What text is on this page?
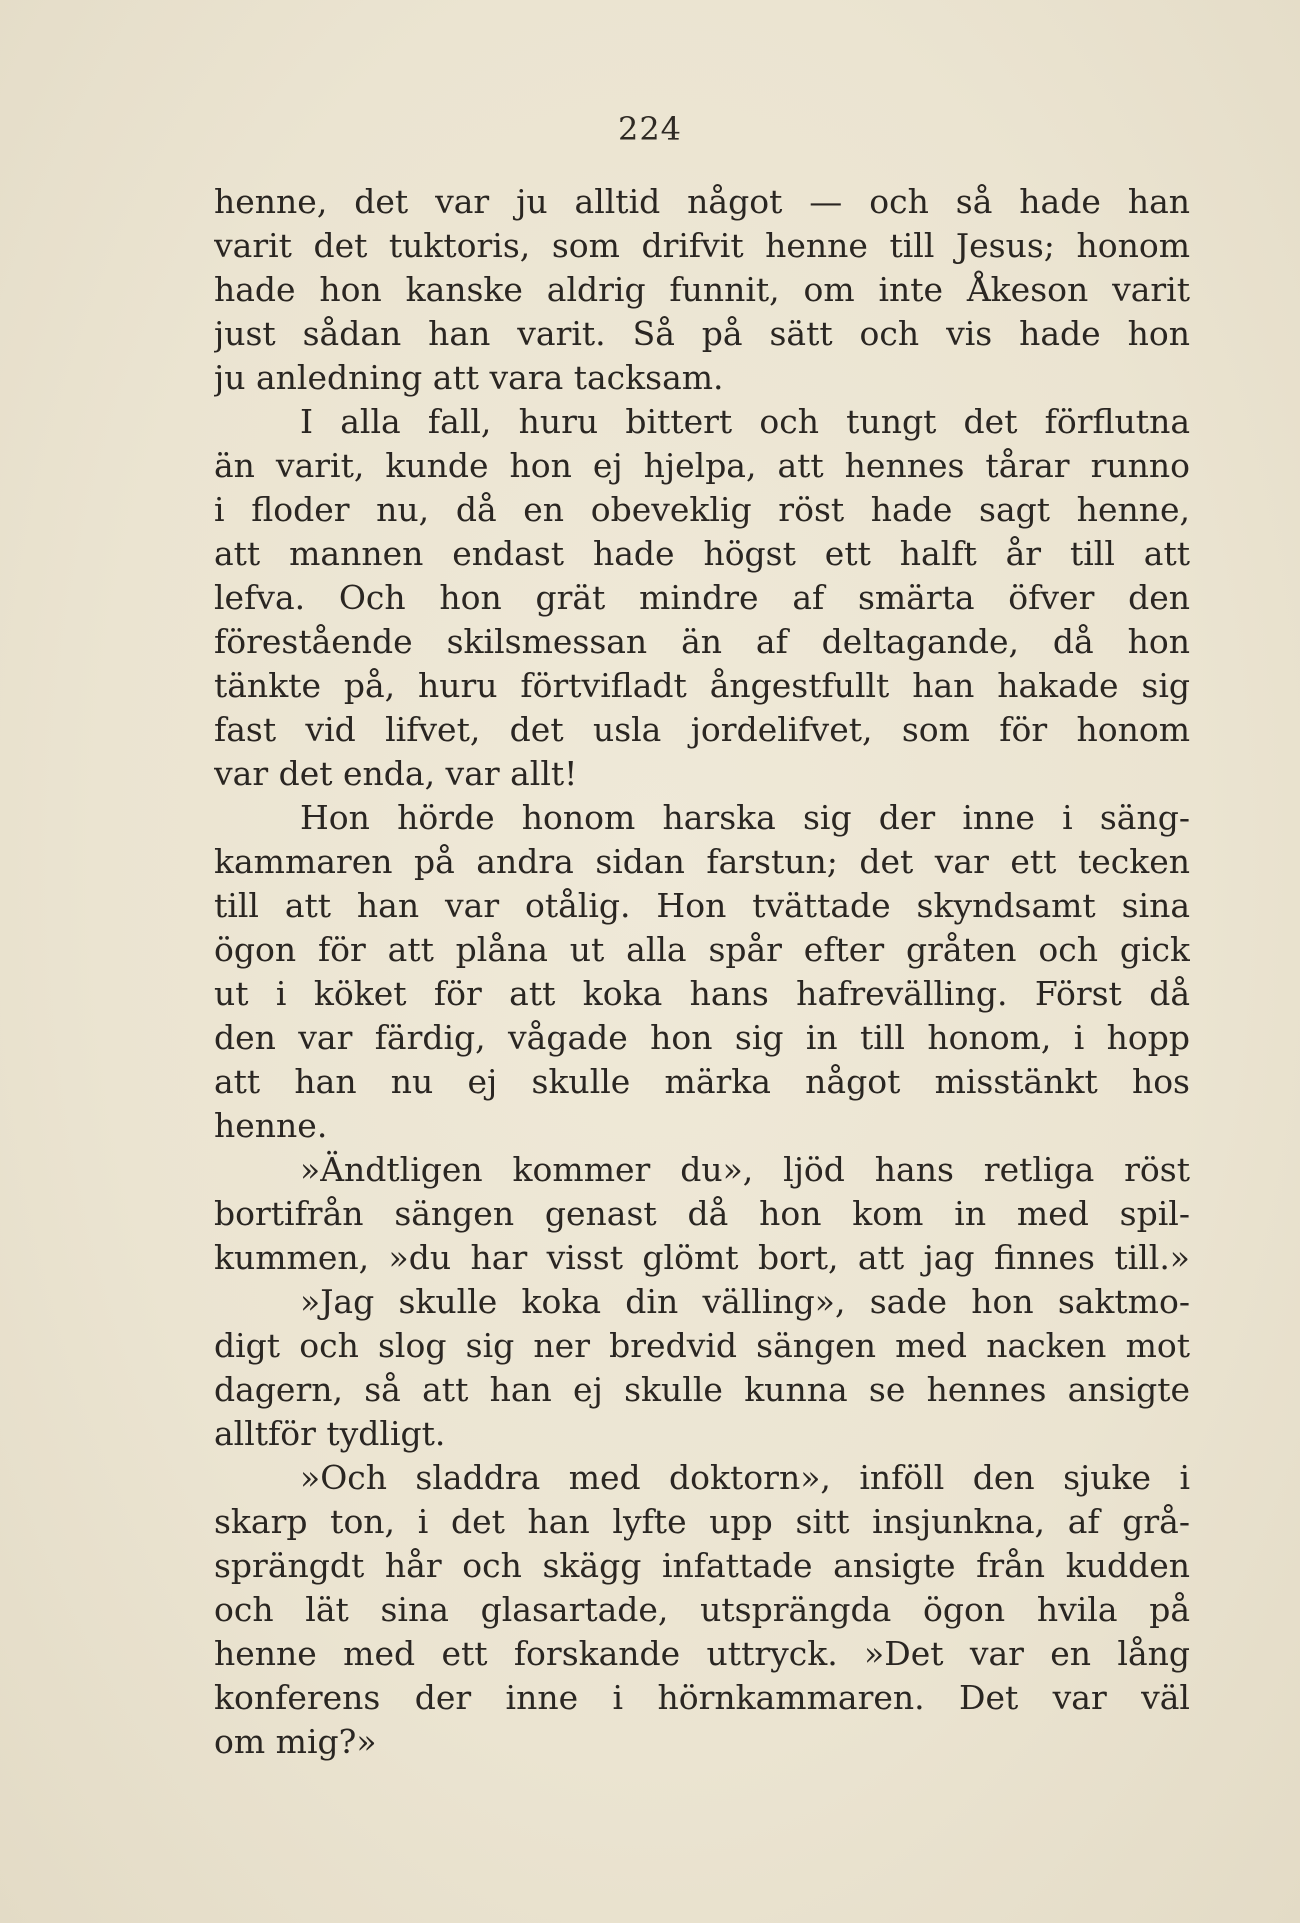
224
henne, det var ju alltid något — och så hade han
varit det tuktoris, som drifvit henne till Jesus; honom
hade hon kanske aldrig funnit, om inte Åkeson varit
just sådan han varit. Så på sätt och vis hade hon
ju anledning att vara tacksam.
I alla fall, huru bittert och tungt det förflutna
än varit, kunde hon ej hjelpa, att hennes tårar runno
i floder nu, då en obeveklig röst hade sagt henne,
att mannen endast hade högst ett halft år till att
lefva. Och hon grät mindre af smärta öfver den
förestående skilsmessan än af deltagande, då hon
tänkte på, huru förtvifladt ångestfullt han hakade sig
fast vid lifvet, det usla jordelifvet, som för honom
var det enda, var allt!
Hon hörde honom harska sig der inne i säng-
kammaren på andra sidan farstun; det var ett tecken
till att han var otålig. Hon tvättade skyndsamt sina
ögon för att plåna ut alla spår efter gråten och gick
ut i köket för att koka hans hafrevälling. Först då
den var färdig, vågade hon sig in till honom, i hopp
att han nu ej skulle märka något misstänkt hos
henne.
»Ändtligen kommer du», ljöd hans retliga röst
bortifrån sängen genast då hon kom in med spil-
kummen, »du har visst glömt bort, att jag finnes till.»
»Jag skulle koka din välling», sade hon saktmo-
digt och slog sig ner bredvid sängen med nacken mot
dagern, så att han ej skulle kunna se hennes ansigte
alltför tydligt.
»Och sladdra med doktorn», inföll den sjuke i
skarp ton, i det han lyfte upp sitt insjunkna, af grå-
sprängdt hår och skägg infattade ansigte från kudden
och lät sina glasartade, utsprängda ögon hvila på
henne med ett forskande uttryck. »Det var en lång
konferens der inne i hörnkammaren. Det var väl
om mig?»
